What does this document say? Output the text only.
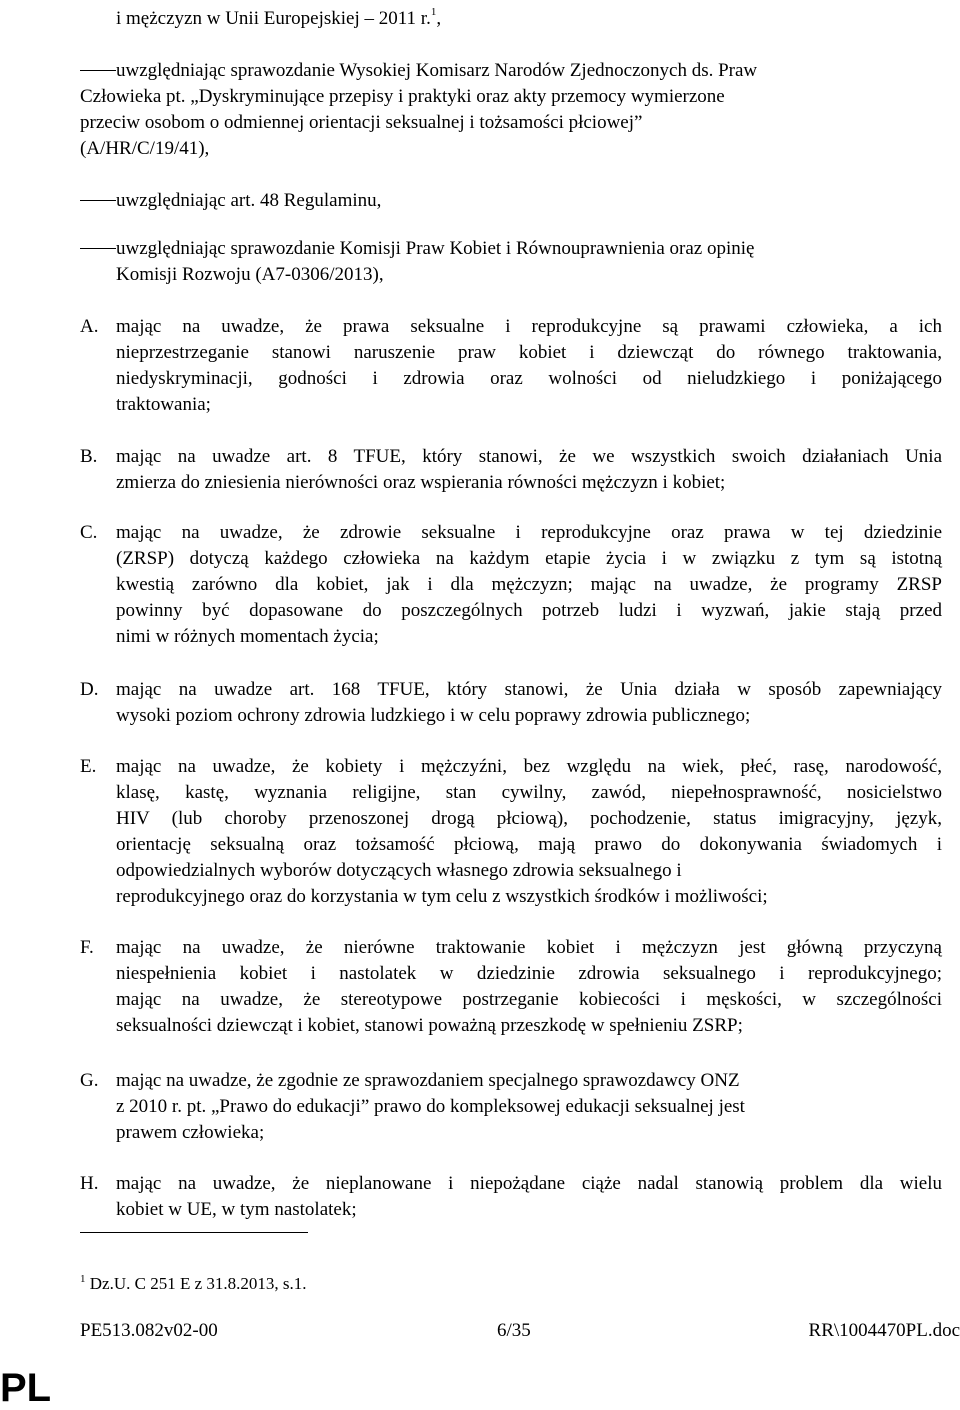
i mężczyzn w Unii Europejskiej – 2011 r.$^1$,
uwzględniając sprawozdanie Wysokiej Komisarz Narodów Zjednoczonych ds. Praw
Człowieka pt. „Dyskryminujące przepisy i praktyki oraz akty przemocy wymierzone
przeciw osobom o odmiennej orientacji seksualnej i tożsamości płciowej”
(A/HR/C/19/41),
uwzględniając art. 48 Regulaminu,
uwzględniając sprawozdanie Komisji Praw Kobiet i Równouprawnienia oraz opinię
Komisji Rozwoju (A7-0306/2013),
A. mając na uwadze, że prawa seksualne i reprodukcyjne są prawami człowieka, a ich
nieprzestrzeganie stanowi naruszenie praw kobiet i dziewcząt do równego traktowania,
niedyskryminacji, godności i zdrowia oraz wolności od nieludzkiego i poniżającego
traktowania;
B. mając na uwadze art. 8 TFUE, który stanowi, że we wszystkich swoich działaniach Unia
zmierza do zniesienia nierówności oraz wspierania równości mężczyzn i kobiet;
C. mając na uwadze, że zdrowie seksualne i reprodukcyjne oraz prawa w tej dziedzinie
(ZRSP) dotyczą każdego człowieka na każdym etapie życia i w związku z tym są istotną
kwestią zarówno dla kobiet, jak i dla mężczyzn; mając na uwadze, że programy ZRSP
powinny być dopasowane do poszczególnych potrzeb ludzi i wyzwań, jakie stają przed
nimi w różnych momentach życia;
D. mając na uwadze art. 168 TFUE, który stanowi, że Unia działa w sposób zapewniający
wysoki poziom ochrony zdrowia ludzkiego i w celu poprawy zdrowia publicznego;
E. mając na uwadze, że kobiety i mężczyźni, bez względu na wiek, płeć, rasę, narodowość,
klasę, kastę, wyznania religijne, stan cywilny, zawód, niepełnosprawność, nosicielstwo
HIV (lub choroby przenoszonej drogą płciową), pochodzenie, status imigracyjny, język,
orientację seksualną oraz tożsamość płciową, mają prawo do dokonywania świadomych i
odpowiedzialnych wyborów dotyczących własnego zdrowia seksualnego i
reprodukcyjnego oraz do korzystania w tym celu z wszystkich środków i możliwości;
F. mając na uwadze, że nierówne traktowanie kobiet i mężczyzn jest główną przyczyną
niespełnienia kobiet i nastolatek w dziedzinie zdrowia seksualnego i reprodukcyjnego;
mając na uwadze, że stereotypowe postrzeganie kobiecości i męskości, w szczególności
seksualności dziewcząt i kobiet, stanowi poważną przeszkodę w spełnieniu ZSRP;
G. mając na uwadze, że zgodnie ze sprawozdaniem specjalnego sprawozdawcy ONZ
z 2010 r. pt. „Prawo do edukacji” prawo do kompleksowej edukacji seksualnej jest
prawem człowieka;
H. mając na uwadze, że nieplanowane i niepożądane ciąże nadal stanowią problem dla wielu
kobiet w UE, w tym nastolatek;
$^1$ Dz.U. C 251 E z 31.8.2013, s.1.
PE513.082v02-00	6/35	RR\1004470PL.doc
PL
